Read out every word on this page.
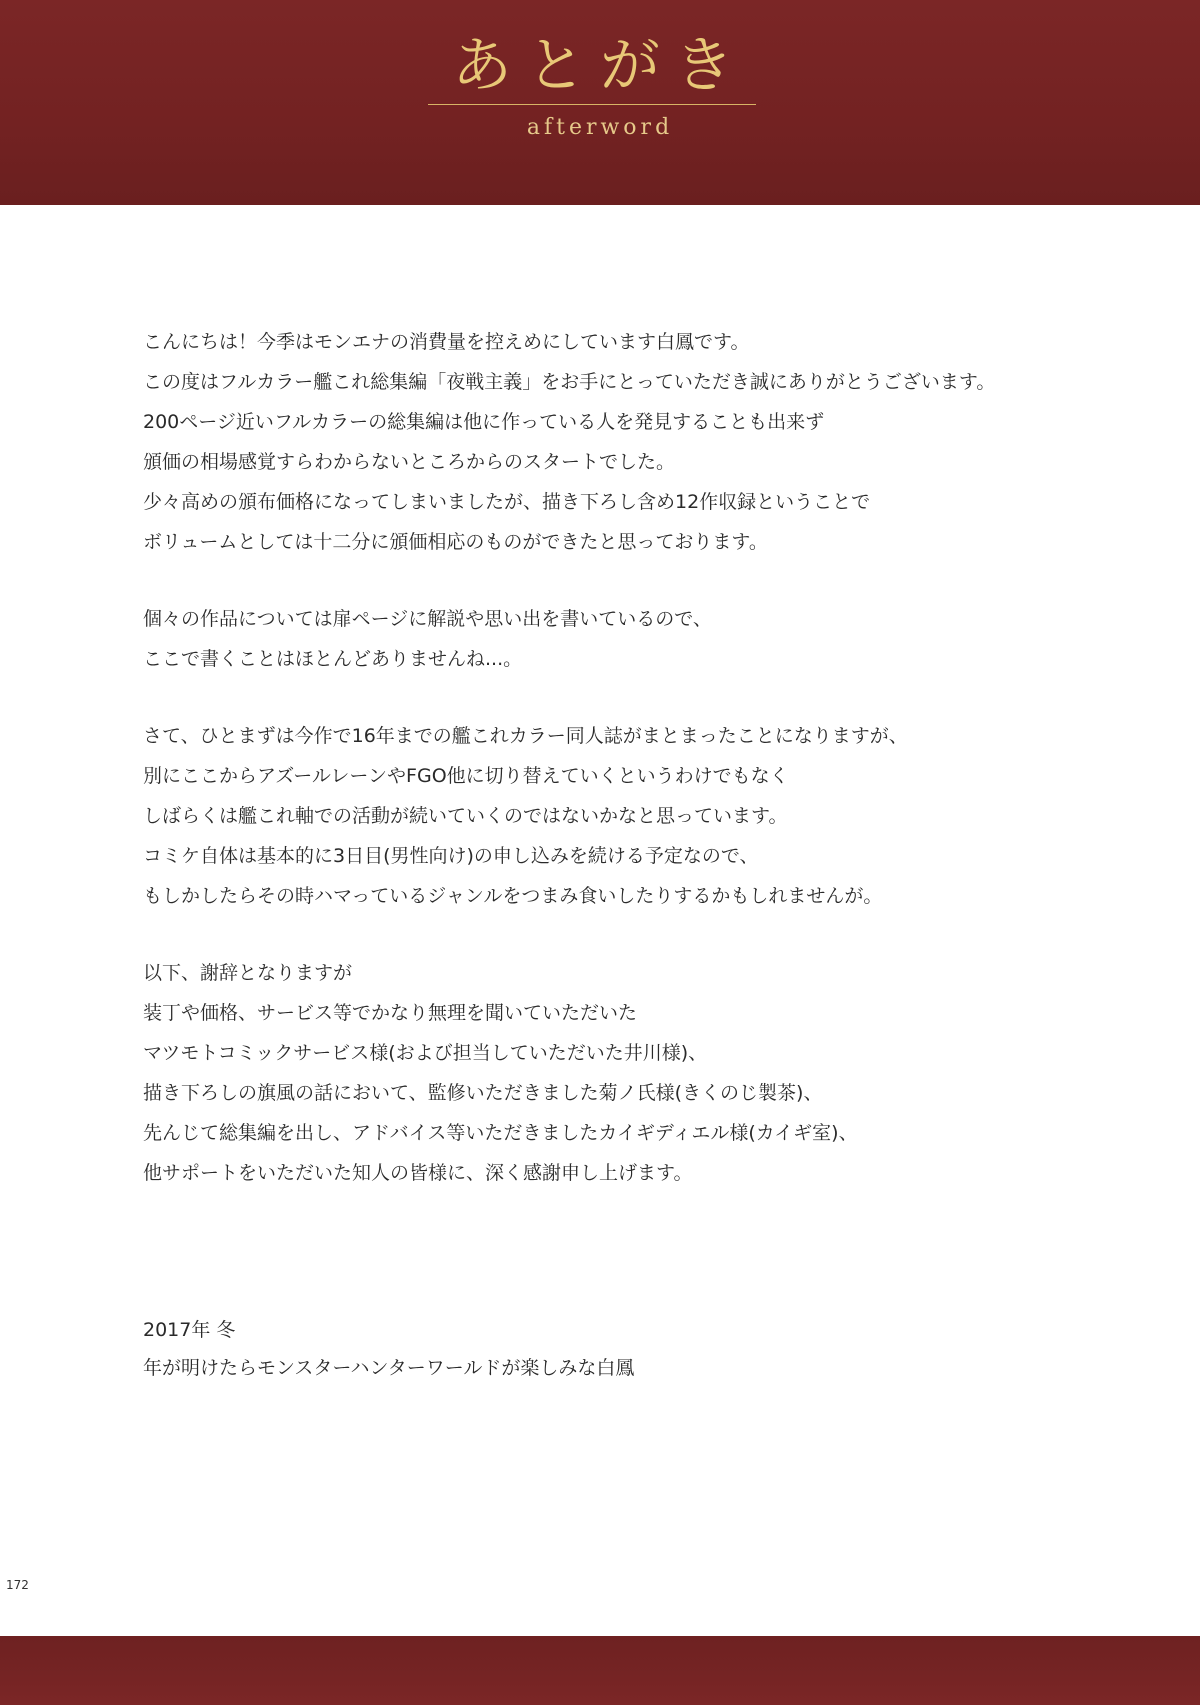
あとがき
afterword
こんにちは！今季はモンエナの消費量を控えめにしています白鳳です。
この度はフルカラー艦これ総集編「夜戦主義」をお手にとっていただき誠にありがとうございます。
200ページ近いフルカラーの総集編は他に作っている人を発見することも出来ず
頒価の相場感覚すらわからないところからのスタートでした。
少々高めの頒布価格になってしまいましたが、描き下ろし含め12作収録ということで
ボリュームとしては十二分に頒価相応のものができたと思っております。
個々の作品については扉ページに解説や思い出を書いているので、
ここで書くことはほとんどありませんね...。
さて、ひとまずは今作で16年までの艦これカラー同人誌がまとまったことになりますが、
別にここからアズールレーンやFGO他に切り替えていくというわけでもなく
しばらくは艦これ軸での活動が続いていくのではないかなと思っています。
コミケ自体は基本的に3日目(男性向け)の申し込みを続ける予定なので、
もしかしたらその時ハマっているジャンルをつまみ食いしたりするかもしれませんが。
以下、謝辞となりますが
装丁や価格、サービス等でかなり無理を聞いていただいた
マツモトコミックサービス様(および担当していただいた井川様)、
描き下ろしの旗風の話において、監修いただきました菊ノ氏様(きくのじ製茶)、
先んじて総集編を出し、アドバイス等いただきましたカイギディエル様(カイギ室)、
他サポートをいただいた知人の皆様に、深く感謝申し上げます。
2017年 冬
年が明けたらモンスターハンターワールドが楽しみな白鳳
172
